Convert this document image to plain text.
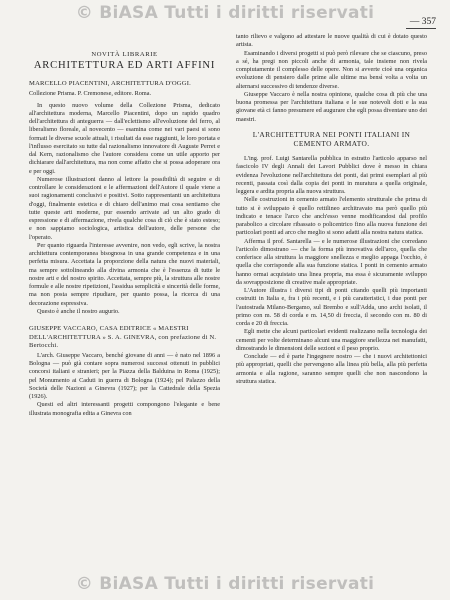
© BiASA Tutti i diritti riservati	— 357
NOVITÀ LIBRARIE
ARCHITETTURA ED ARTI AFFINI
MARCELLO PIACENTINI, ARCHITETTURA D'OGGI.
Collezione Prisma. P. Cremonese, editore. Roma.

In questo nuovo volume della Collezione Prisma, dedicato all'architettura moderna, Marcello Piacentini, dopo un rapido quadro dell'architettura di anteguerra — dall'eclettismo all'evoluzione del ferro, al liberalismo floreale, al novecento — esamina come nei vari paesi si sono formati le diverse scuole attuali, i risultati da esse raggiunti, le loro portata e l'influsso esercitato su tutte dal razionalismo innovatore di Auguste Perret e dal Kern, razionalismo che l'autore considera come un utile apporto per dichiarare dall'architettura, ma non come affatto che si possa adoperare ora e per oggi.

Numerose illustrazioni danno al lettore la possibilità di seguire e di controllare le considerazioni e le affermazioni dell'Autore il quale viene a suoi ragionamenti conclusivi e positivi. Sotto rappresentanti un architettura d'oggi, finalmente estetica e di chiaro dell'animo mai cosa sentiamo che tutte queste arti moderne, pur essendo arrivate ad un alto grado di espressione e di affermazione, rivela qualche cosa di ciò che è stato esteso; e non sappiamo sociologica, artistica dell'autore, delle persone che l'operato.

Per quanto riguarda l'interesse avvenire, non vedo, egli scrive, la nostra architettura contemporanea bisognosa in una grande competenza e in una perfetta misura. Accettata la proporzione della natura che nuovi materiali, ma sempre sottolineando alla divina armonia che è l'essenza di tutte le nostre arti e del nostro spirito. Accettata, sempre più, la struttura alle nostre formule e alle nostre ripetizioni, l'assidua semplicità e sincerità delle forme, ma non posta sempre ripudiare, per quanto possa, la ricerca di una decorazione espressiva.

Questo è anche il nostro augurio.

GIUSEPPE VACCARO, CASA EDITRICE « MAESTRI DELL'ARCHITETTURA » S. A. GINEVRA, con prefazione di N. Bertocchi.

L'arch. Giuseppe Vaccaro, benché giovane di anni — è nato nel 1896 a Bologna — può già contare sopra numerosi successi ottenuti in pubblici concorsi italiani e stranieri; per la Piazza della Balduina in Roma (1925); pel Monumento ai Caduti in guerra di Bologna (1924); pel Palazzo della Società delle Nazioni a Ginevra (1927); per la Cattedrale della Spezia (1926).

Questi ed altri interessanti progetti compongono l'elegante e bene illustrata monografia edita a Ginevra con

tanto rilievo e valgono ad attestare le nuove qualità di cui è dotato questo artista.

Esaminando i diversi progetti si può però rilevare che se ciascuno, preso a sé, ha pregi non piccoli anche di armonia, tale insieme non rivela compiutamente il complesso delle opere. Non si avverte cioè una organica evoluzione di pensiero dalle prime alle ultime ma bensì volta a volta un alternarsi successivo di tendenze diverse.

Giuseppe Vaccaro è nella nostra opinione, qualche cosa di più che una buona promessa per l'architettura italiana e le sue notevoli doti e la sua giovane età ci fanno presumere ed augurare che egli possa diventare uno dei maestri.

L'ARCHITETTURA NEI PONTI ITALIANI IN CEMENTO ARMATO.

L'ing. prof. Luigi Santarella pubblica in estratto l'articolo apparso nel fascicolo IV degli Annali dei Lavori Pubblici dove è messo in chiara evidenza l'evoluzione nell'architettura dei ponti, dai primi esemplari al più recenti, passata così dalla copia dei ponti in muratura a quella originale, leggera e ardita propria alla nuova struttura.

Nelle costruzioni in cemento armato l'elemento strutturale che prima di tutto si è sviluppato è quello rettilineo architravato ma però quello più indicato e tenace l'arco che anch'esso venne modificandosi dal profilo parabolico a circolare ribassato o policentrico fino alla nuova funzione dei particolari ponti ad arco che meglio si sono adatti alla nostra natura statica.

Afferma il prof. Santarella — e le numerose illustrazioni che corredano l'articolo dimostrano — che la forma più innovativa dell'arco, quella che conferisce alla struttura la maggiore snellezza e meglio appaga l'occhio, è quella che corrisponde alla sua funzione statica. I ponti in cemento armato hanno ormai acquistato una linea propria, ma essa è sicuramente sviluppo da sovrapposizione di creative male appropriate.

L'Autore illustra i diversi tipi di ponti citando quelli più importanti costruiti in Italia e, fra i più recenti, e i più caratteristici, i due ponti per l'autostrada Milano-Bergamo, sul Brembo e sull'Adda, uno archi isolati, il primo con m. 58 di corda e m. 14,50 di freccia, il secondo con m. 80 di corda e 20 di freccia.

Egli mette che alcuni particolari evidenti realizzano nella tecnologia dei cementi per volte determinano alcuni una maggiore snellezza nei manufatti, dimostrando le dimensioni delle sezioni e il peso proprio.

Conclude — ed è parte l'ingegnere nostro — che i nuovi architettonici più appropriati, quelli che pervengono alla linea più bella, alla più perfetta armonia e alla ragione, saranno sempre quelli che non nascondono la struttura statica.

© BiASA Tutti i diritti riservati
